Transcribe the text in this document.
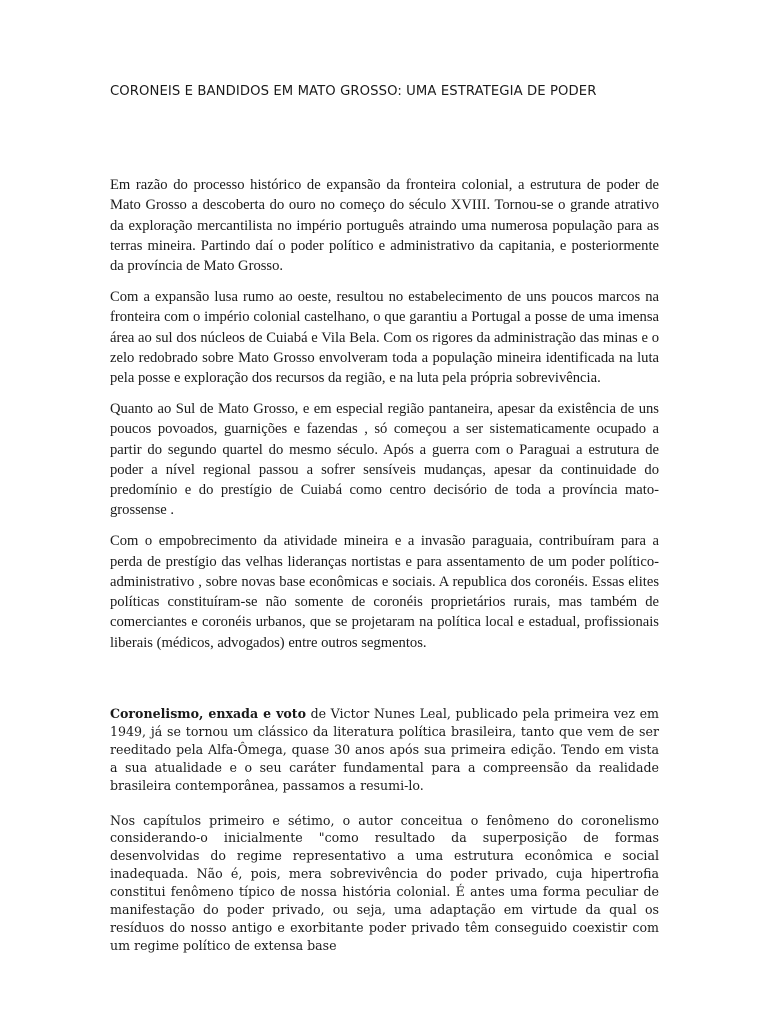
CORONEIS E BANDIDOS EM MATO GROSSO: UMA ESTRATEGIA DE PODER

Em razão do processo histórico de expansão da fronteira colonial, a estrutura de poder de Mato Grosso a descoberta do ouro no começo do século XVIII. Tornou-se o grande atrativo da exploração mercantilista no império português atraindo uma numerosa população para as terras mineira. Partindo daí o poder político e administrativo da capitania, e posteriormente da província de Mato Grosso.

Com a expansão lusa rumo ao oeste, resultou no estabelecimento de uns poucos marcos na fronteira com o império colonial castelhano, o que garantiu a Portugal a posse de uma imensa área ao sul dos núcleos de Cuiabá e Vila Bela. Com os rigores da administração das minas e o zelo redobrado sobre Mato Grosso envolveram toda a população mineira identificada na luta pela posse e exploração dos recursos da região, e na luta pela própria sobrevivência.

Quanto ao Sul de Mato Grosso, e em especial região pantaneira, apesar da existência de uns poucos povoados, guarnições e fazendas , só começou a ser sistematicamente ocupado a partir do segundo quartel do mesmo século. Após a guerra com o Paraguai a estrutura de poder a nível regional passou a sofrer sensíveis mudanças, apesar da continuidade do predomínio e do prestígio de Cuiabá como centro decisório de toda a província mato-grossense .

Com o empobrecimento da atividade mineira e a invasão paraguaia, contribuíram para a perda de prestígio das velhas lideranças nortistas e para assentamento de um poder político-administrativo , sobre novas base econômicas e sociais. A republica dos coronéis. Essas elites políticas constituíram-se não somente de coronéis proprietários rurais, mas também de comerciantes e coronéis urbanos, que se projetaram na política local e estadual, profissionais liberais (médicos, advogados) entre outros segmentos.

Coronelismo, enxada e voto de Victor Nunes Leal, publicado pela primeira vez em 1949, já se tornou um clássico da literatura política brasileira, tanto que vem de ser reeditado pela Alfa-Ômega, quase 30 anos após sua primeira edição. Tendo em vista a sua atualidade e o seu caráter fundamental para a compreensão da realidade brasileira contemporânea, passamos a resumi-lo.

Nos capítulos primeiro e sétimo, o autor conceitua o fenômeno do coronelismo considerando-o inicialmente "como resultado da superposição de formas desenvolvidas do regime representativo a uma estrutura econômica e social inadequada. Não é, pois, mera sobrevivência do poder privado, cuja hipertrofia constitui fenômeno típico de nossa história colonial. É antes uma forma peculiar de manifestação do poder privado, ou seja, uma adaptação em virtude da qual os resíduos do nosso antigo e exorbitante poder privado têm conseguido coexistir com um regime político de extensa base
